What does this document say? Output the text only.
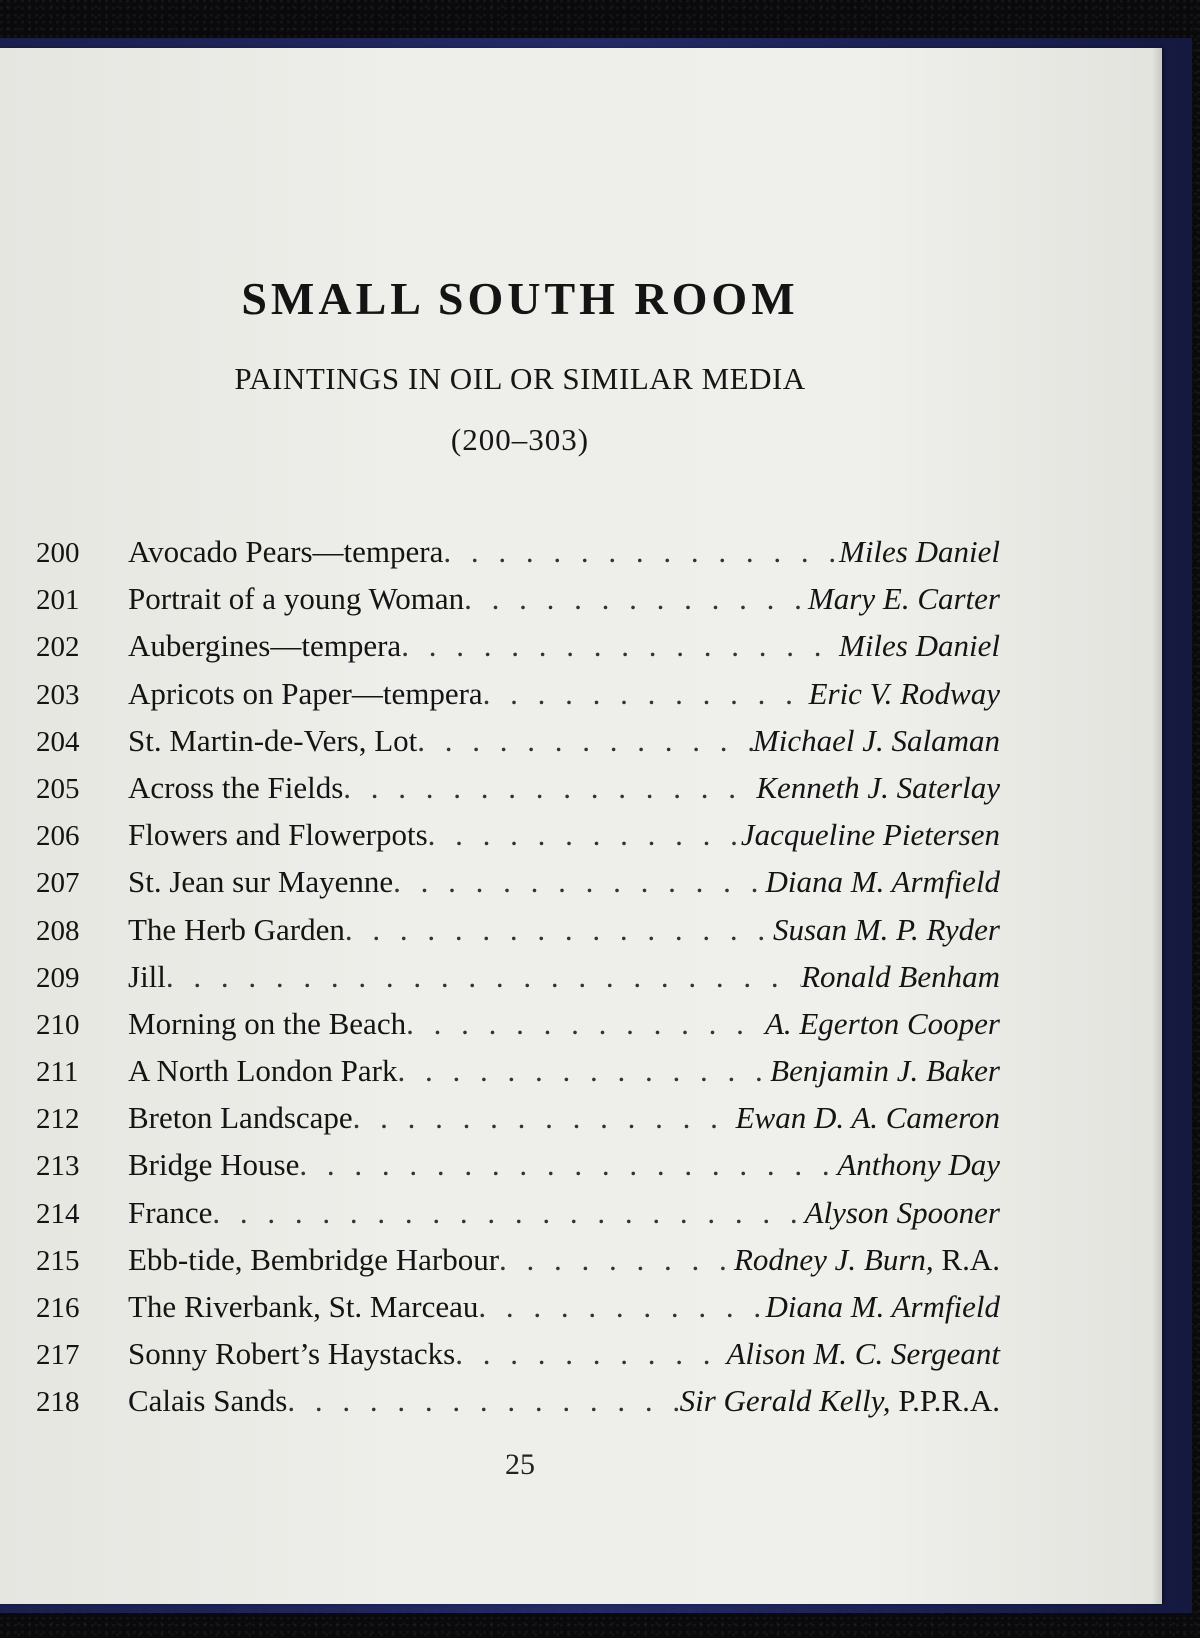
SMALL SOUTH ROOM
PAINTINGS IN OIL OR SIMILAR MEDIA
(200–303)
200	Avocado Pears—tempera . . .	Miles Daniel
201	Portrait of a young Woman . . .	Mary E. Carter
202	Aubergines—tempera . . .	Miles Daniel
203	Apricots on Paper—tempera . . .	Eric V. Rodway
204	St. Martin-de-Vers, Lot . . .	Michael J. Salaman
205	Across the Fields . . .	Kenneth J. Saterlay
206	Flowers and Flowerpots . . .	Jacqueline Pietersen
207	St. Jean sur Mayenne . . .	Diana M. Armfield
208	The Herb Garden . . .	Susan M. P. Ryder
209	Jill . . .	Ronald Benham
210	Morning on the Beach . . .	A. Egerton Cooper
211	A North London Park . . .	Benjamin J. Baker
212	Breton Landscape . . .	Ewan D. A. Cameron
213	Bridge House . . .	Anthony Day
214	France . . .	Alyson Spooner
215	Ebb-tide, Bembridge Harbour . . .	Rodney J. Burn, R.A.
216	The Riverbank, St. Marceau . . .	Diana M. Armfield
217	Sonny Robert’s Haystacks . . .	Alison M. C. Sergeant
218	Calais Sands . . .	Sir Gerald Kelly, P.P.R.A.
25
